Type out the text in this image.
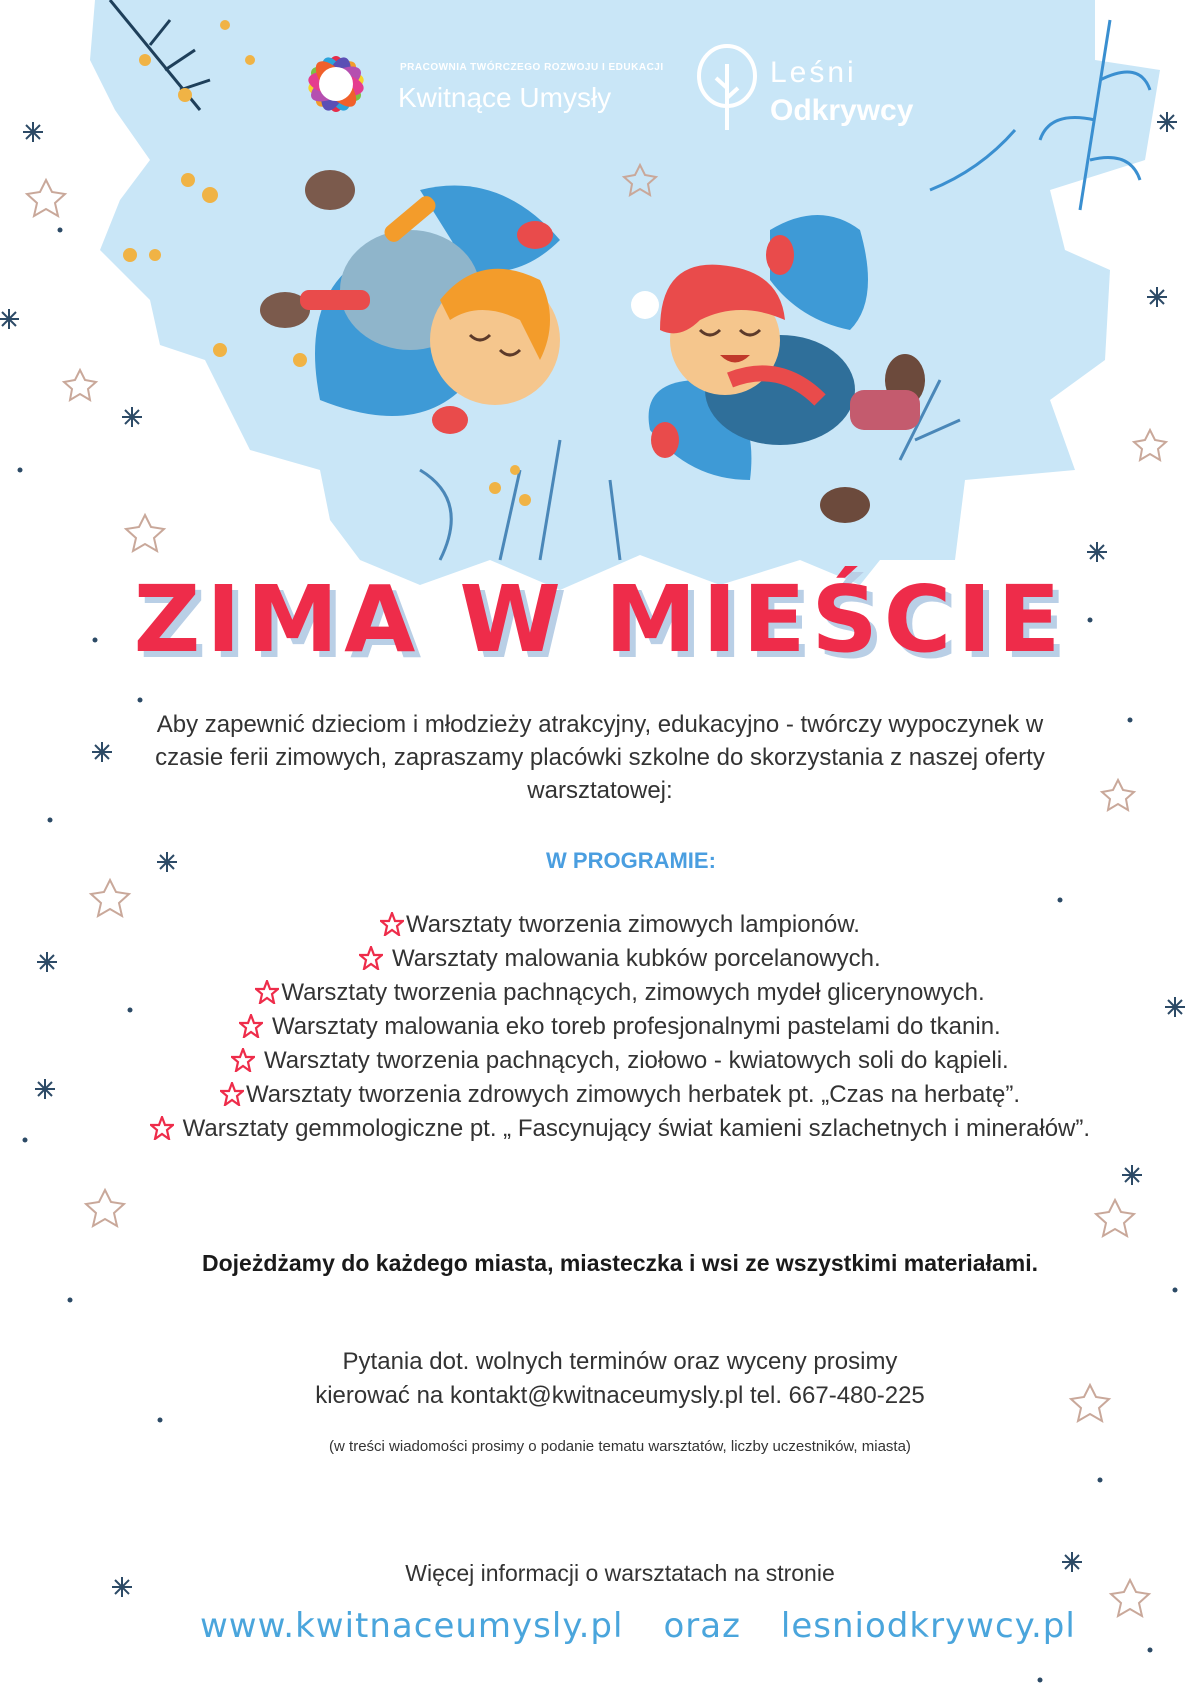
PRACOWNIA TWÓRCZEGO ROZWOJU I EDUKACJI
Kwitnące Umysły
Leśni
Odkrywcy
ZIMA W MIEŚCIE
Aby zapewnić dzieciom i młodzieży atrakcyjny, edukacyjno - twórczy wypoczynek w czasie ferii zimowych, zapraszamy placówki szkolne do skorzystania z naszej oferty warsztatowej:
W PROGRAMIE:
Warsztaty tworzenia zimowych lampionów.
Warsztaty malowania kubków porcelanowych.
Warsztaty tworzenia pachnących, zimowych mydeł glicerynowych.
Warsztaty malowania eko toreb profesjonalnymi pastelami do tkanin.
Warsztaty tworzenia pachnących, ziołowo - kwiatowych soli do kąpieli.
Warsztaty tworzenia zdrowych zimowych herbatek pt. „Czas na herbatę”.
Warsztaty gemmologiczne pt. „ Fascynujący świat kamieni szlachetnych i minerałów”.
Dojeżdżamy do każdego miasta, miasteczka i wsi ze wszystkimi materiałami.
Pytania dot. wolnych terminów oraz wyceny prosimy
kierować na kontakt@kwitnaceumysly.pl tel. 667-480-225
(w treści wiadomości prosimy o podanie tematu warsztatów, liczby uczestników, miasta)
Więcej informacji o warsztatach na stronie
www.kwitnaceumysly.pl oraz lesniodkrywcy.pl
